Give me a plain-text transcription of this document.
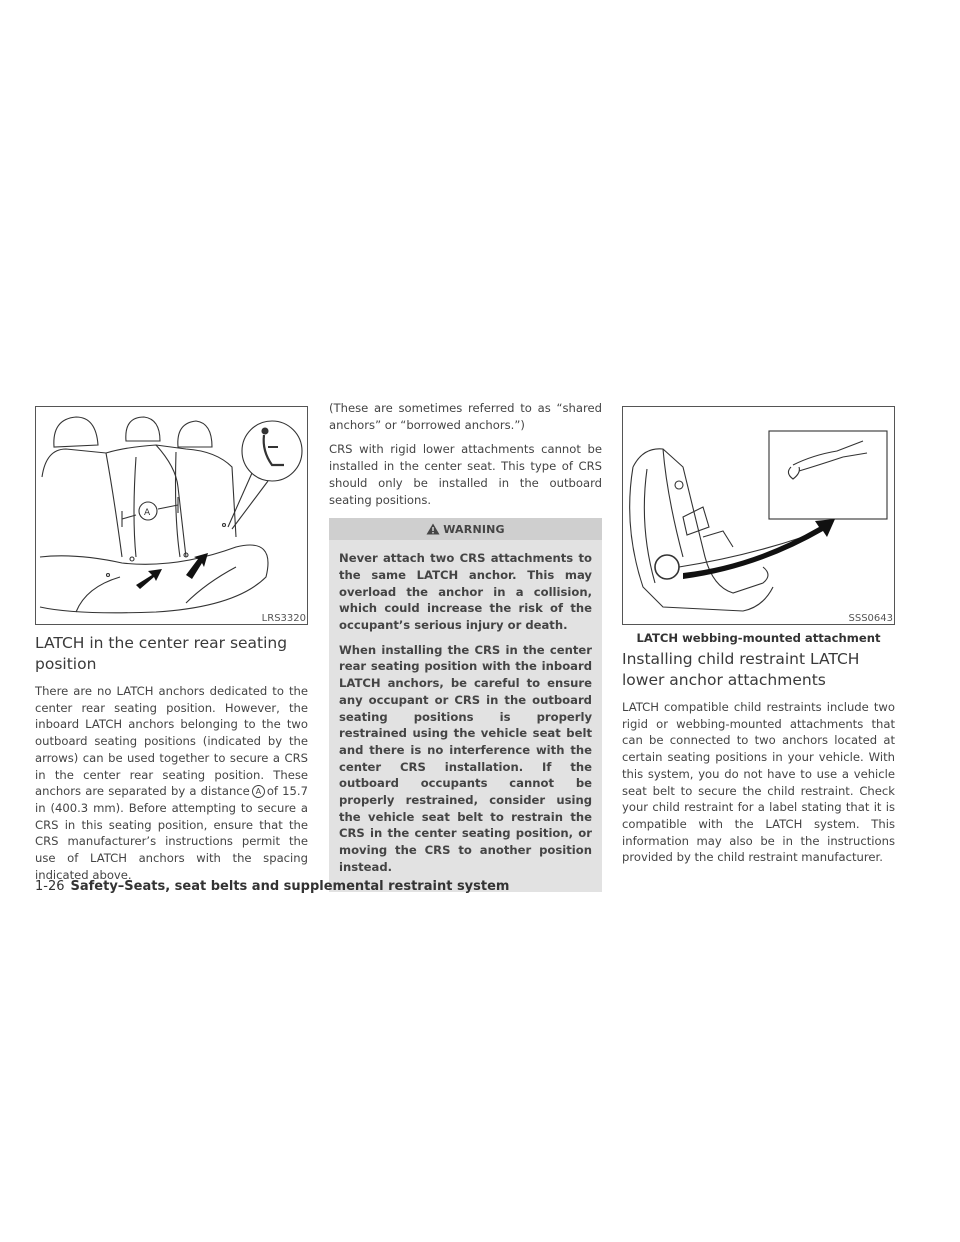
A
LRS3320
LATCH in the center rear seating position

There are no LATCH anchors dedicated to the center rear seating position. However, the inboard LATCH anchors belonging to the two outboard seating positions (indicated by the arrows) can be used together to secure a CRS in the center rear seating position. These anchors are separated by a distance A of 15.7 in (400.3 mm). Before attempting to secure a CRS in this seating position, ensure that the CRS manufacturer’s instructions permit the use of LATCH anchors with the spacing indicated above.

(These are sometimes referred to as “shared anchors” or “borrowed anchors.”)

CRS with rigid lower attachments cannot be installed in the center seat. This type of CRS should only be installed in the outboard seating positions.

WARNING

Never attach two CRS attachments to the same LATCH anchor. This may overload the anchor in a collision, which could increase the risk of the occupant’s serious injury or death.

When installing the CRS in the center rear seating position with the inboard LATCH anchors, be careful to ensure any occupant or CRS in the outboard seating positions is properly restrained using the vehicle seat belt and there is no interference with the center CRS installation. If the outboard occupants cannot be properly restrained, consider using the vehicle seat belt to restrain the CRS in the center seating position, or moving the CRS to another position instead.

SSS0643
LATCH webbing-mounted attachment
Installing child restraint LATCH lower anchor attachments

LATCH compatible child restraints include two rigid or webbing-mounted attachments that can be connected to two anchors located at certain seating positions in your vehicle. With this system, you do not have to use a vehicle seat belt to secure the child restraint. Check your child restraint for a label stating that it is compatible with the LATCH system. This information may also be in the instructions provided by the child restraint manufacturer.

1-26 Safety–Seats, seat belts and supplemental restraint system
